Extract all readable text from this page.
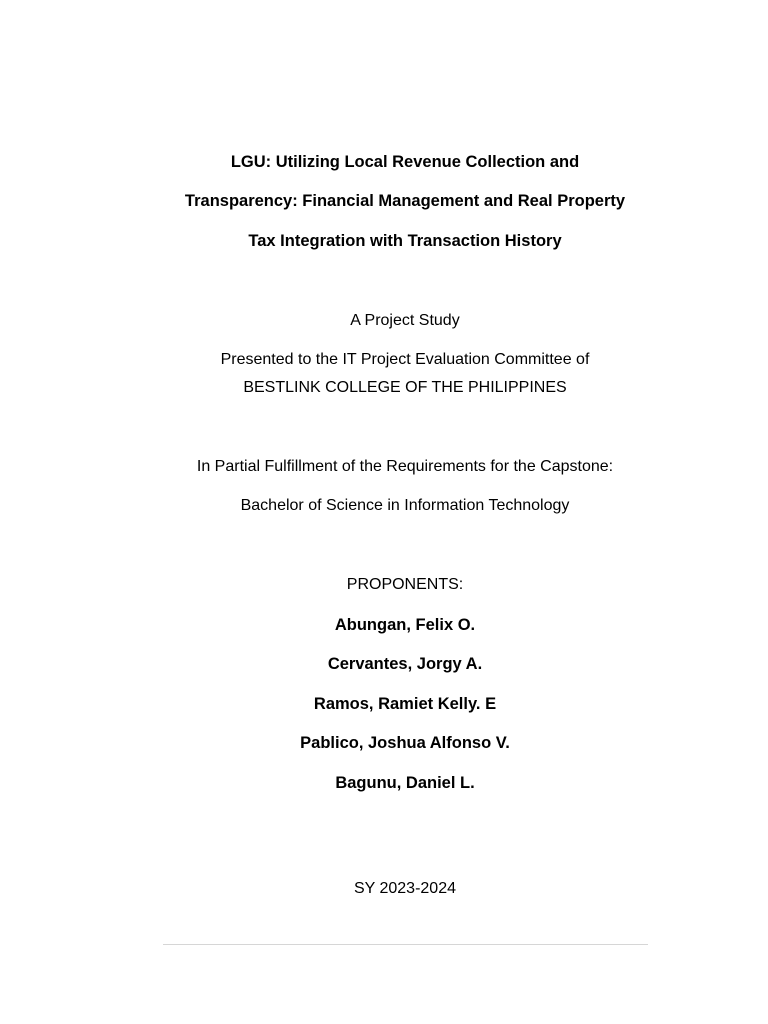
LGU: Utilizing Local Revenue Collection and

Transparency: Financial Management and Real Property

Tax Integration with Transaction History

A Project Study

Presented to the IT Project Evaluation Committee of

BESTLINK COLLEGE OF THE PHILIPPINES

In Partial Fulfillment of the Requirements for the Capstone:

Bachelor of Science in Information Technology

PROPONENTS:

Abungan, Felix O.

Cervantes, Jorgy A.

Ramos, Ramiet Kelly. E

Pablico, Joshua Alfonso V.

Bagunu, Daniel L.

SY 2023-2024
